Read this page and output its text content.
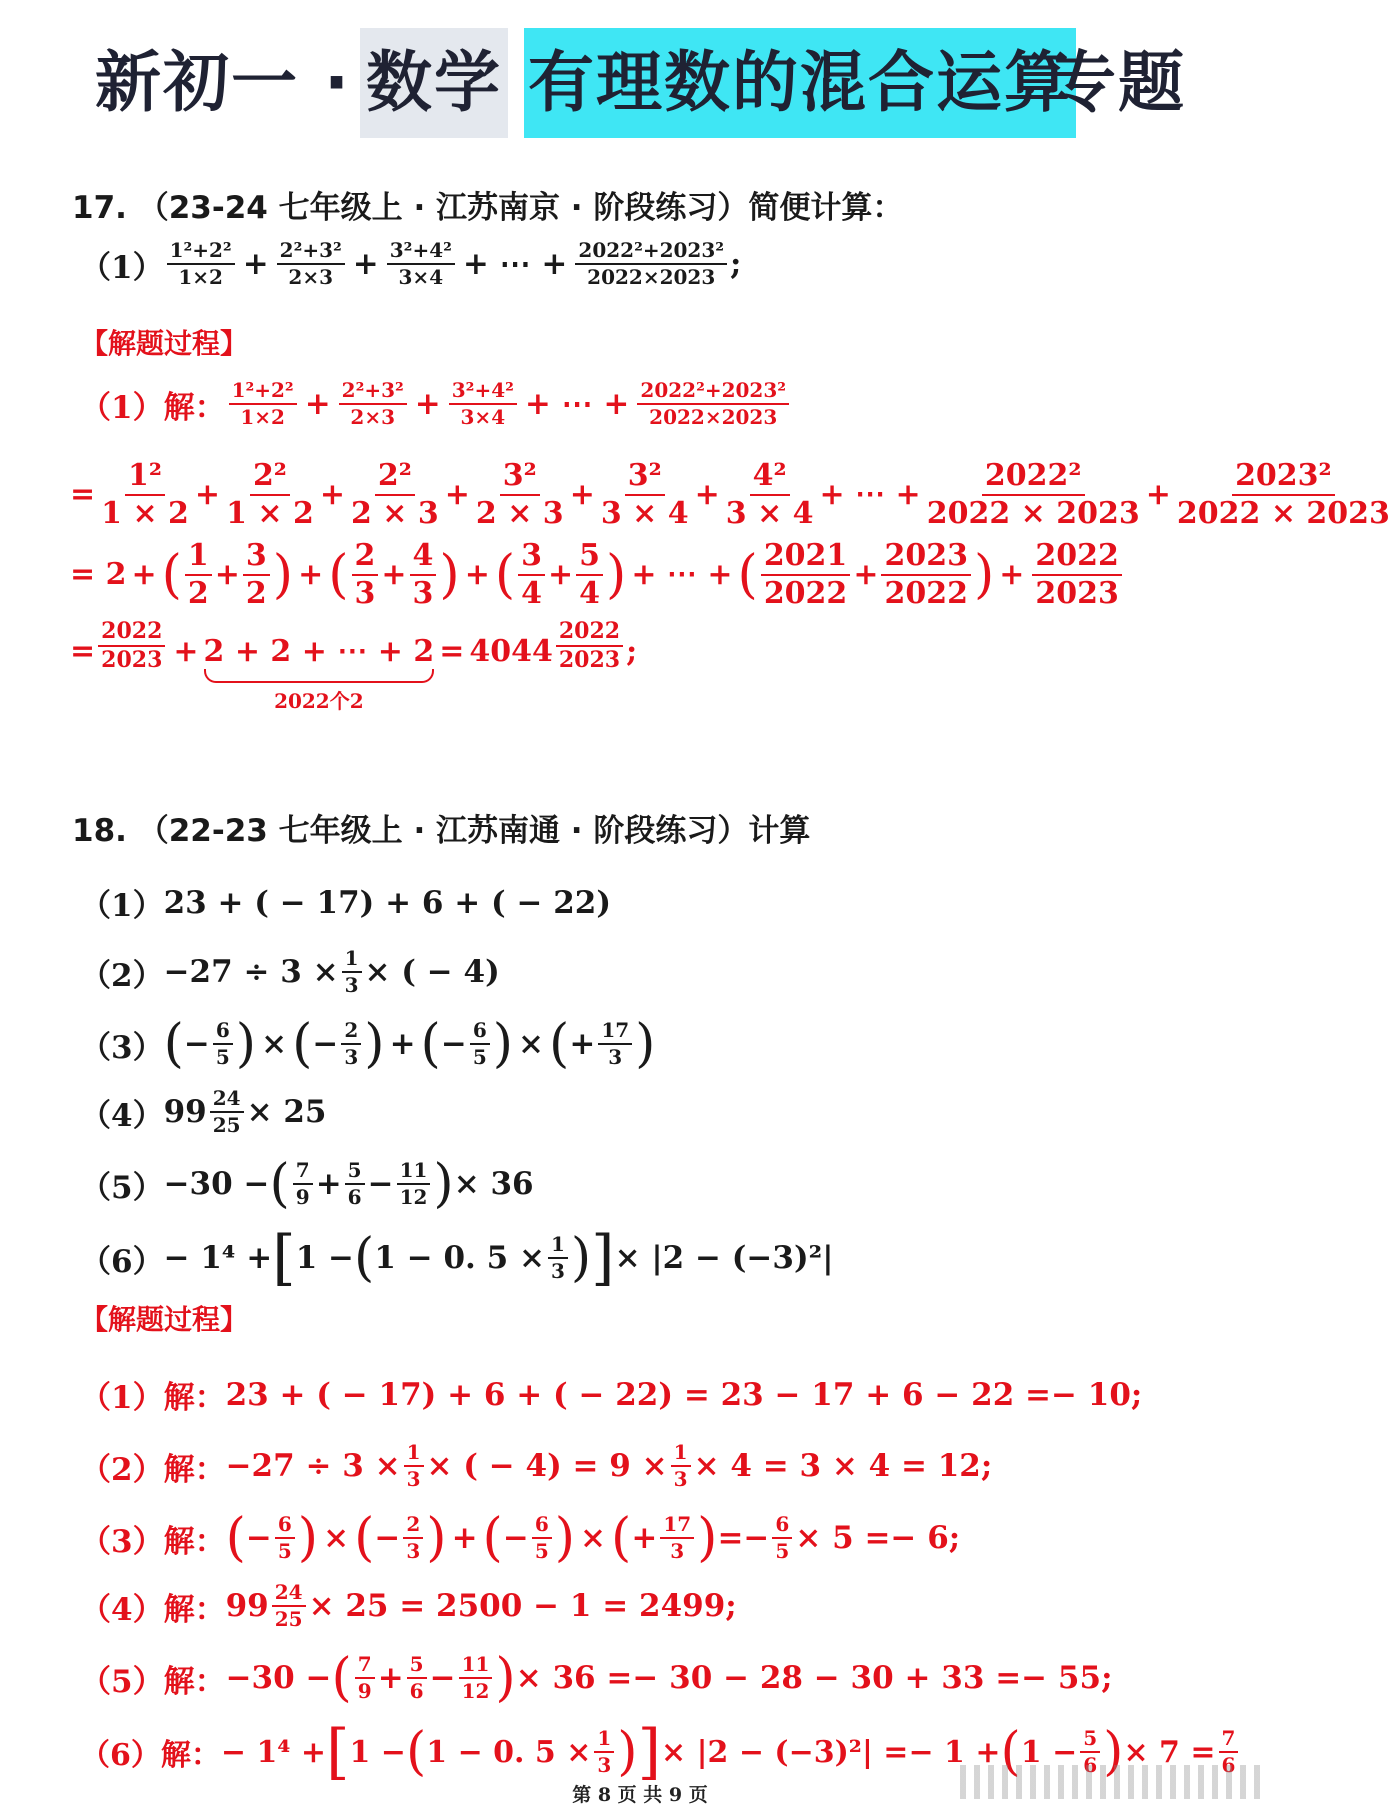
新初一 · 数学 有理数的混合运算
专题
17. （23-24 七年级上 · 江苏南京 · 阶段练习）简便计算：
$(1) \frac{\text{1²+2²}}{1\times 2} + \frac{\text{2²+3²}}{2\times 3} + \frac{\text{3²+4²}}{3\times 4}$ + ⋯ + $\frac{\text{2022²+2023²}}{2022\times 2023}$ ;
【解题过程】
（1）解： $\frac{\text{1²+2²}}{1\times 2} + \frac{\text{2²+3²}}{2\times 3} + \frac{\text{3²+4²}}{3\times 4}$ + ⋯ + $\frac{\text{2022²+2023²}}{2022\times 2023}$
= $\frac{\text{1²}}{1 \times 2} + \frac{\text{2²}}{1 \times 2} + \frac{\text{2²}}{2 \times 3} + \frac{\text{3²}}{2 \times 3} + \frac{\text{3²}}{3 \times 4} + \frac{\text{4²}}{3 \times 4}$ + ⋯ + $\frac{\text{2022²}}{2022 \times 2023} + \frac{\text{2023²}}{2022 \times 2023}$
= 2 + ( $\frac{1}{2} + \frac{3}{2}$ ) + ( $\frac{2}{3} + \frac{4}{3}$ ) + ( $\frac{3}{4} + \frac{5}{4}$ ) + ⋯ + ( $\frac{2021}{2022} + \frac{2023}{2022}$ ) + $\frac{2022}{2023}$
= $\frac{2022}{2023} + 2 + 2$ + ⋯ + 2
2022个2
= $4044 \frac{2022}{2023}$ ;
18. （22-23 七年级上 · 江苏南通 · 阶段练习）计算
（1） 23 + ( − 17) + 6 + ( − 22)
$(2) -27 \div 3 \times \frac{1}{3}$ × ( − 4)
（3） ( − $\frac{6}{5}$ ) × ( − $\frac{2}{3}$ ) + ( − $\frac{6}{5}$ ) × ( + $\frac{17}{3}$ )
（4） $99 \frac{24}{25} \times 25$
（5） −30 − ( $\frac{7}{9} + \frac{5}{6} - \frac{11}{12}$ ) × 36
（6） − 1⁴ + [ 1 − ( 1 − 0. $5 \times \frac{1}{3}$ ) ] × |2 − (−3)²|
【解题过程】
（1）解： 23 + ( − 17) + 6 + ( − 22) = 23 − 17 + 6 − 22 =− 10;
（2）解： $-27 \div 3 \times \frac{1}{3}$ × ( − $4) = 9 \times \frac{1}{3} \times 4 = 3 \times 4 = 12$;
（3）解： ( − $\frac{6}{5}$ ) × ( − $\frac{2}{3}$ ) + ( − $\frac{6}{5}$ ) × ( + $\frac{17}{3}$ ) =− $\frac{6}{5} \times 5 =- 6$;
（4）解： $99 \frac{24}{25} \times 25 = 2500 - 1 = 2499$;
（5）解： −30 − ( $\frac{7}{9} + \frac{5}{6} - \frac{11}{12}$ ) × 36 =− 30 − 28 − 30 + 33 =− 55;
（6）解： − 1⁴ + [ 1 − ( 1 − 0. $5 \times \frac{1}{3}$ ) ] × |2 − (−3)²| =− 1 + ( $1 - \frac{5}{6}$ ) × $7 = \frac{7}{6}$
第 8 页 共 9 页
